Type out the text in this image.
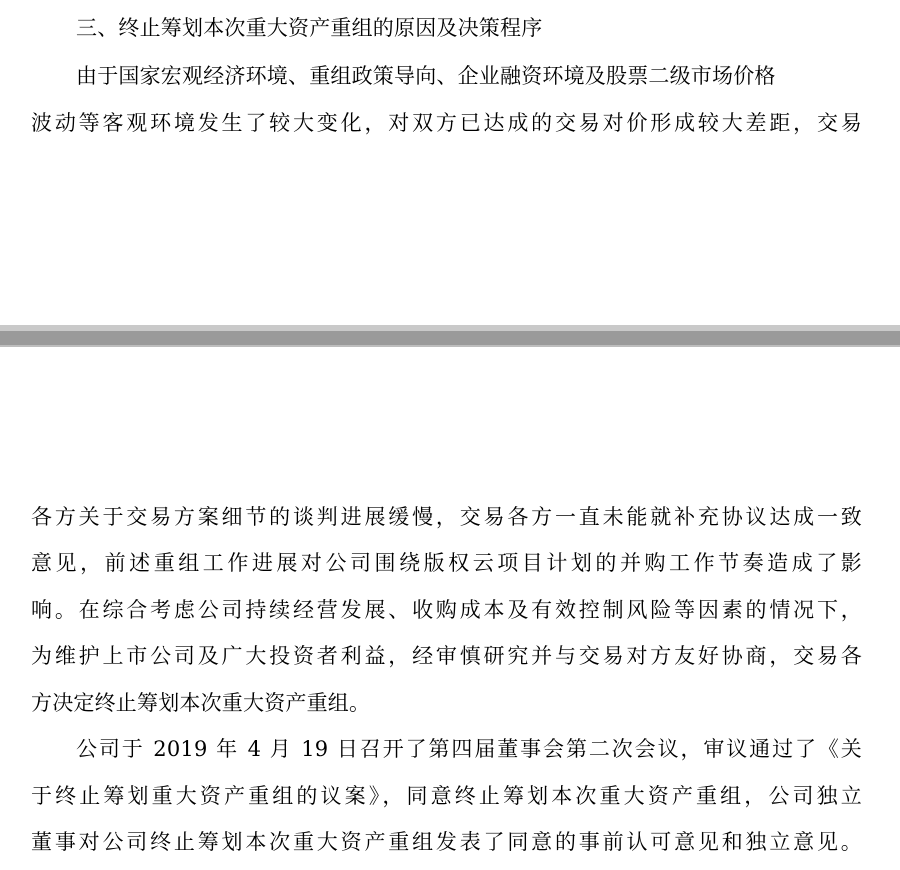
三、终止筹划本次重大资产重组的原因及决策程序
由于国家宏观经济环境、重组政策导向、企业融资环境及股票二级市场价格
波动等客观环境发生了较大变化，对双方已达成的交易对价形成较大差距，交易
各方关于交易方案细节的谈判进展缓慢，交易各方一直未能就补充协议达成一致
意见，前述重组工作进展对公司围绕版权云项目计划的并购工作节奏造成了影
响。在综合考虑公司持续经营发展、收购成本及有效控制风险等因素的情况下，
为维护上市公司及广大投资者利益，经审慎研究并与交易对方友好协商，交易各
方决定终止筹划本次重大资产重组。
公司于 2019 年 4 月 19 日召开了第四届董事会第二次会议，审议通过了《关
于终止筹划重大资产重组的议案》，同意终止筹划本次重大资产重组，公司独立
董事对公司终止筹划本次重大资产重组发表了同意的事前认可意见和独立意见。
